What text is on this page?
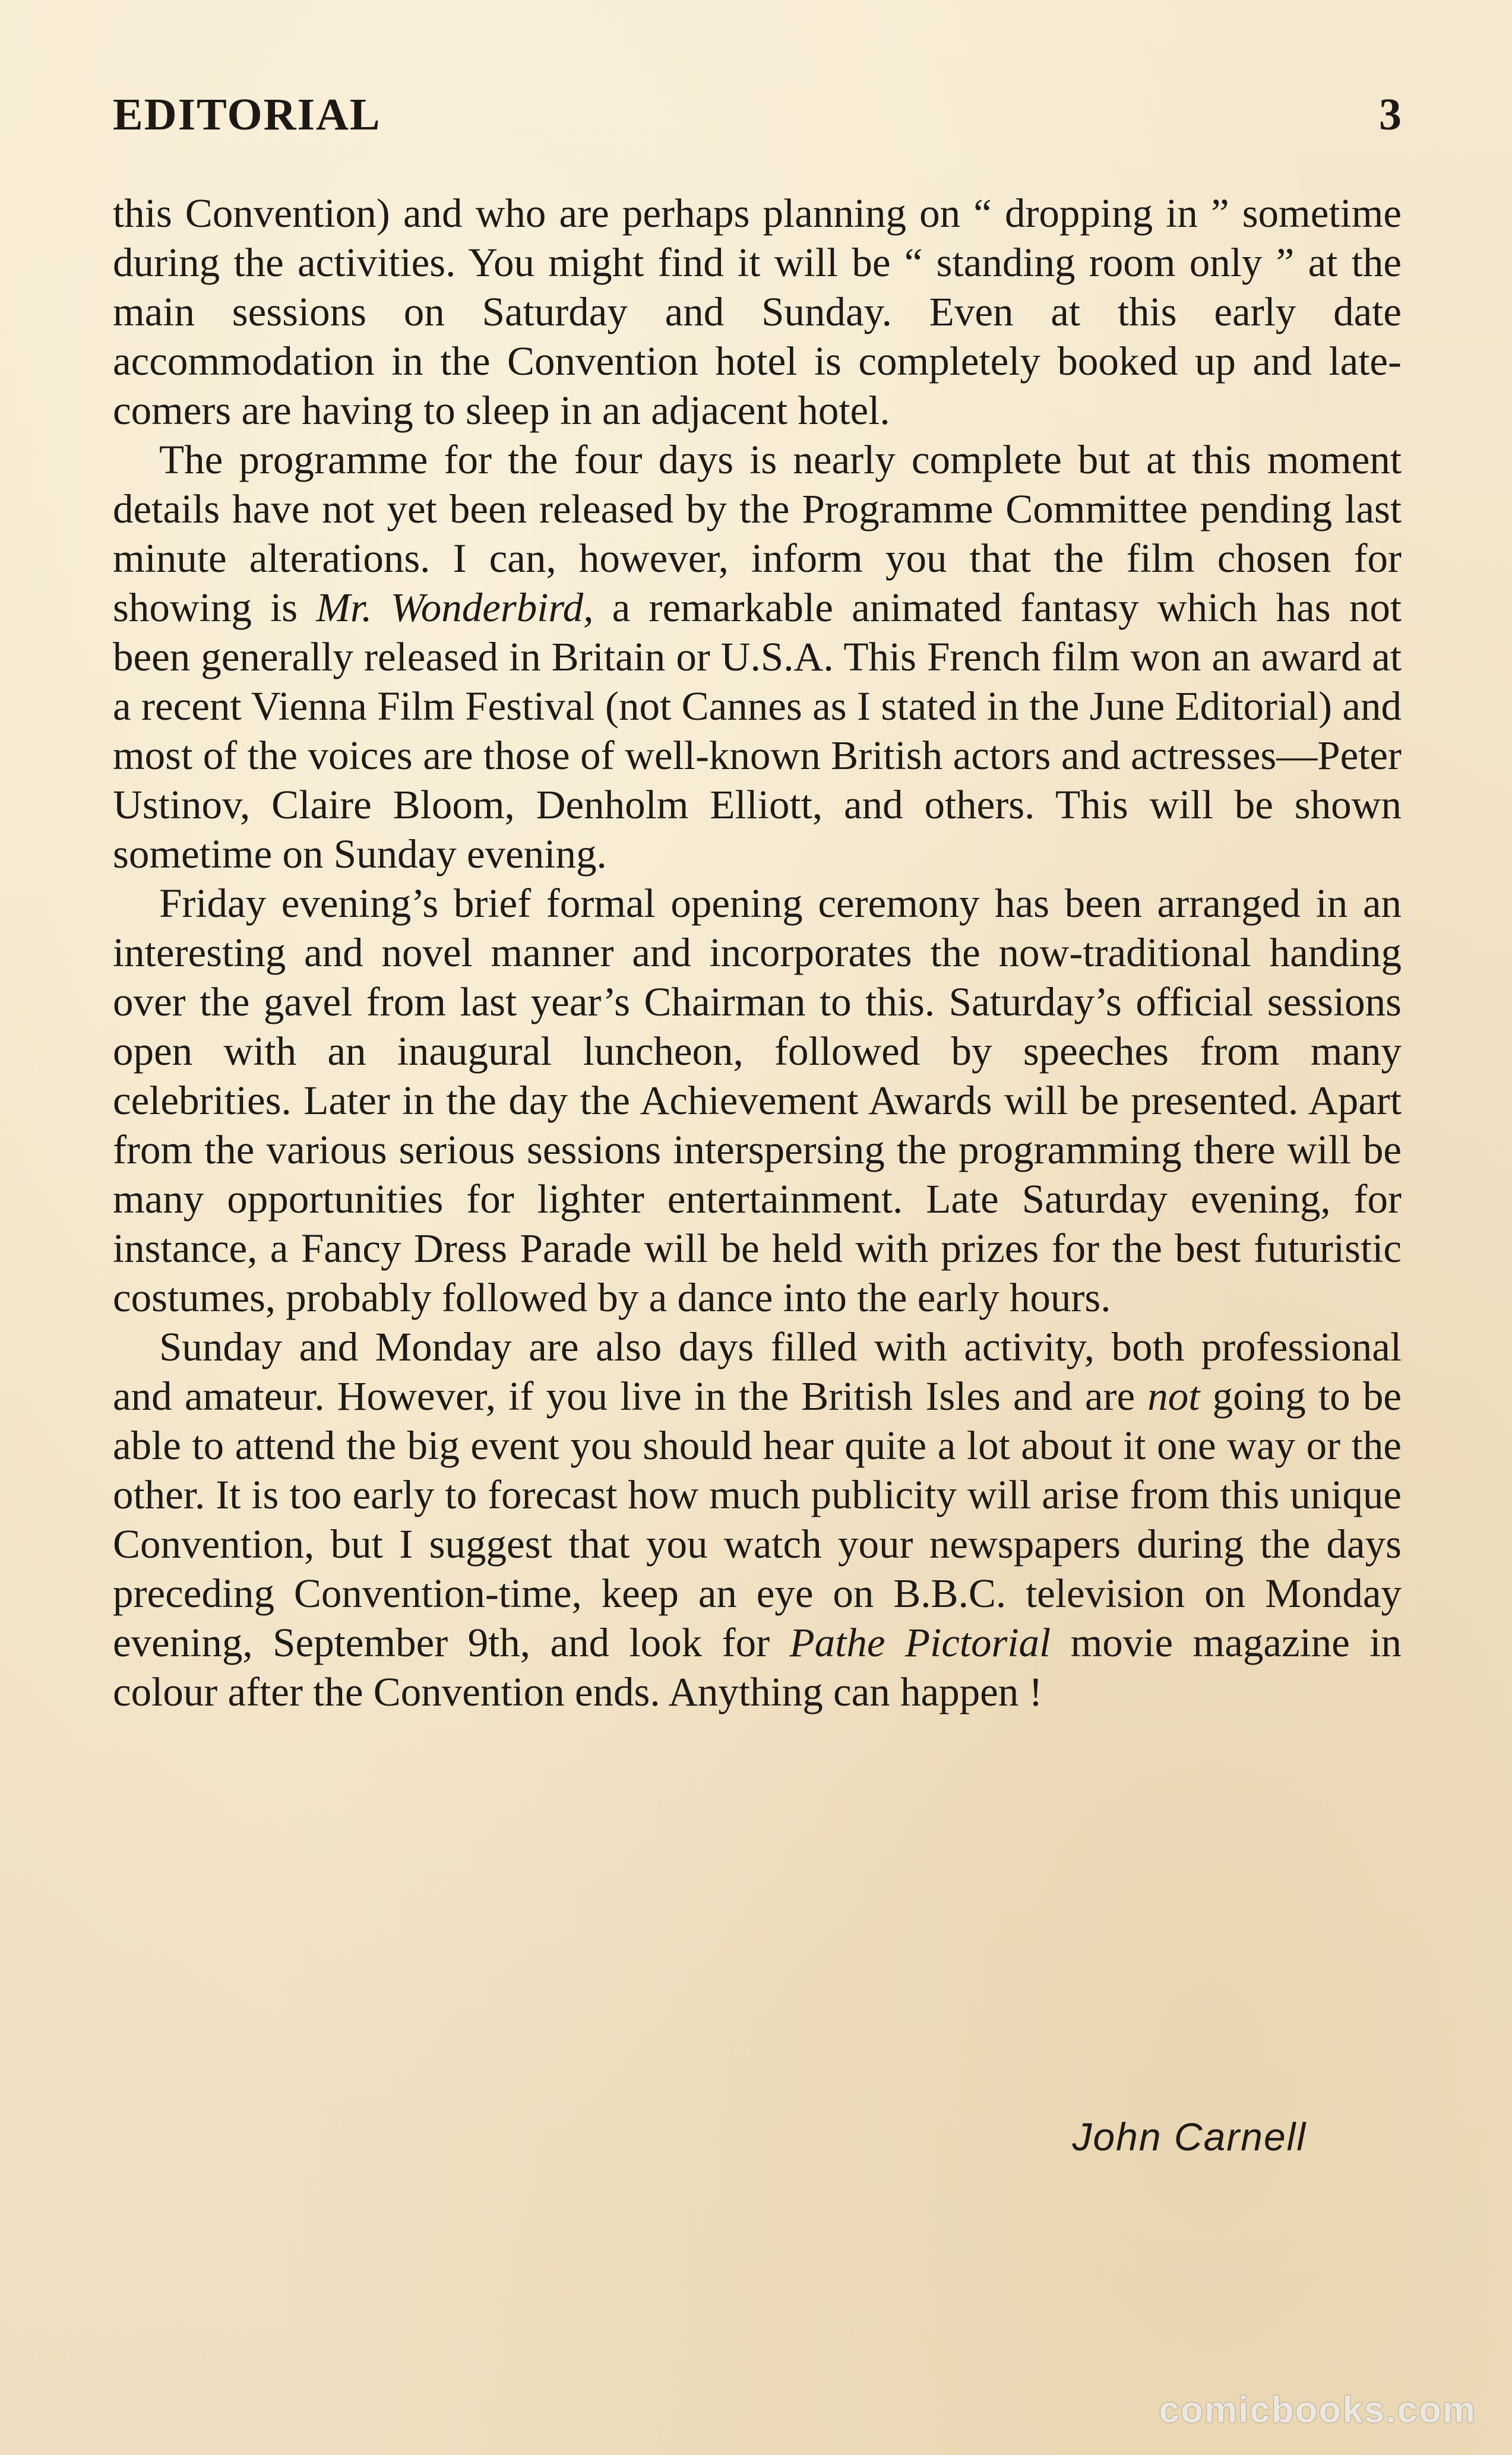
EDITORIAL	3

this Convention) and who are perhaps planning on “ dropping in ” sometime during the activities. You might find it will be “ standing room only ” at the main sessions on Saturday and Sunday. Even at this early date accommodation in the Convention hotel is completely booked up and late-comers are having to sleep in an adjacent hotel.

The programme for the four days is nearly complete but at this moment details have not yet been released by the Programme Committee pending last minute alterations. I can, however, inform you that the film chosen for showing is Mr. Wonderbird, a remarkable animated fantasy which has not been generally released in Britain or U.S.A. This French film won an award at a recent Vienna Film Festival (not Cannes as I stated in the June Editorial) and most of the voices are those of well-known British actors and actresses—Peter Ustinov, Claire Bloom, Denholm Elliott, and others. This will be shown sometime on Sunday evening.

Friday evening’s brief formal opening ceremony has been arranged in an interesting and novel manner and incorporates the now-traditional handing over the gavel from last year’s Chairman to this. Saturday’s official sessions open with an inaugural luncheon, followed by speeches from many celebrities. Later in the day the Achievement Awards will be presented. Apart from the various serious sessions interspersing the programming there will be many opportunities for lighter entertainment. Late Saturday evening, for instance, a Fancy Dress Parade will be held with prizes for the best futuristic costumes, probably followed by a dance into the early hours.

Sunday and Monday are also days filled with activity, both professional and amateur. However, if you live in the British Isles and are not going to be able to attend the big event you should hear quite a lot about it one way or the other. It is too early to forecast how much publicity will arise from this unique Convention, but I suggest that you watch your newspapers during the days preceding Convention-time, keep an eye on B.B.C. television on Monday evening, September 9th, and look for Pathe Pictorial movie magazine in colour after the Convention ends. Anything can happen !

John Carnell
comicbooks.com
